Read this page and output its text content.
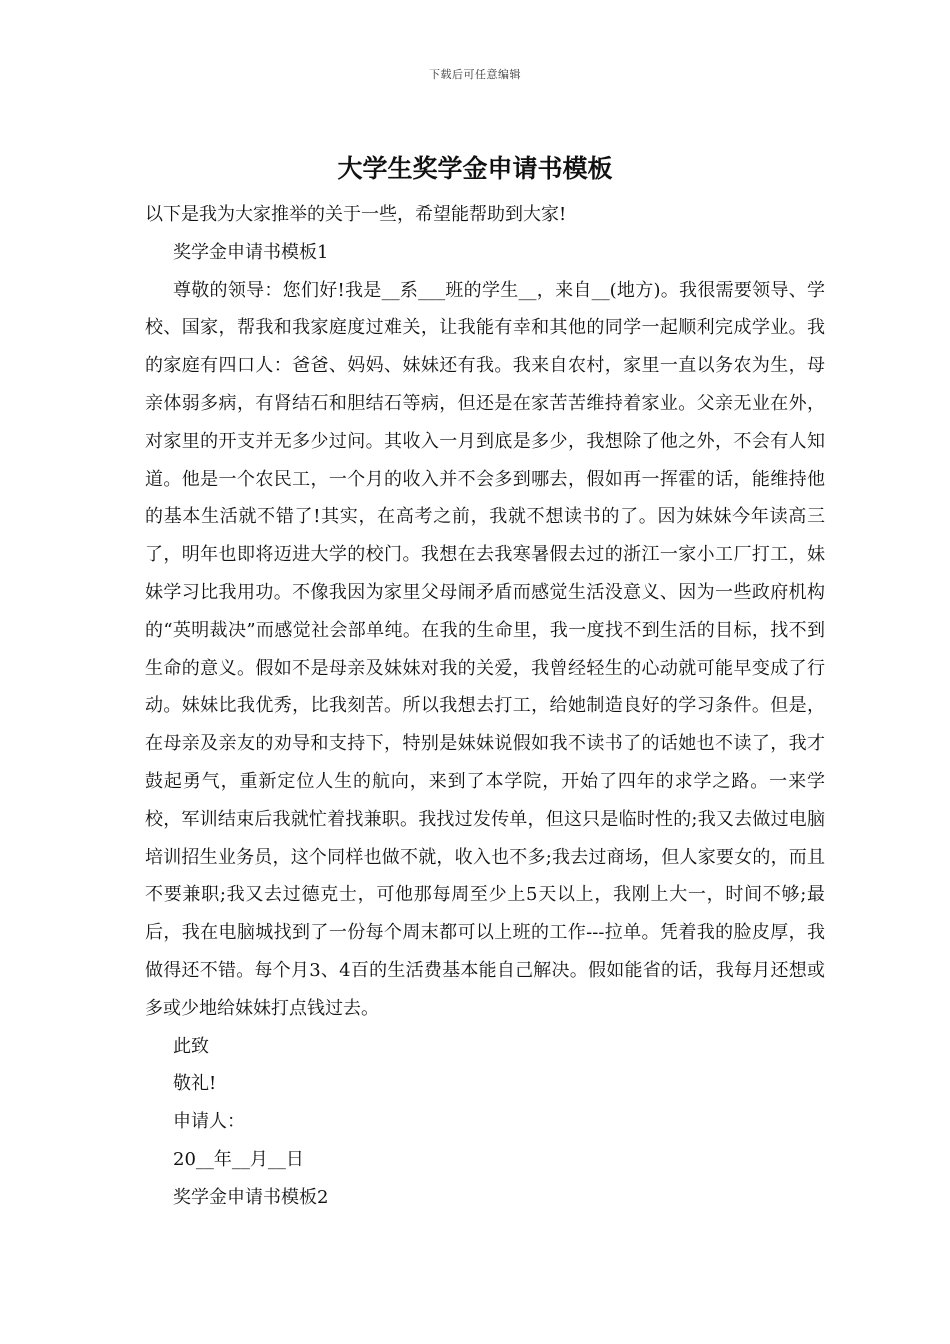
下载后可任意编辑
大学生奖学金申请书模板

以下是我为大家推举的关于一些，希望能帮助到大家!

奖学金申请书模板1

尊敬的领导：您们好!我是__系___班的学生__，来自__(地方)。我很需要领导、学校、国家，帮我和我家庭度过难关，让我能有幸和其他的同学一起顺利完成学业。我的家庭有四口人：爸爸、妈妈、妹妹还有我。我来自农村，家里一直以务农为生，母亲体弱多病，有肾结石和胆结石等病，但还是在家苦苦维持着家业。父亲无业在外，对家里的开支并无多少过问。其收入一月到底是多少，我想除了他之外，不会有人知道。他是一个农民工，一个月的收入并不会多到哪去，假如再一挥霍的话，能维持他的基本生活就不错了!其实，在高考之前，我就不想读书的了。因为妹妹今年读高三了，明年也即将迈进大学的校门。我想在去我寒暑假去过的浙江一家小工厂打工，妹妹学习比我用功。不像我因为家里父母闹矛盾而感觉生活没意义、因为一些政府机构的“英明裁决”而感觉社会部单纯。在我的生命里，我一度找不到生活的目标，找不到生命的意义。假如不是母亲及妹妹对我的关爱，我曾经轻生的心动就可能早变成了行动。妹妹比我优秀，比我刻苦。所以我想去打工，给她制造良好的学习条件。但是，在母亲及亲友的劝导和支持下，特别是妹妹说假如我不读书了的话她也不读了，我才鼓起勇气，重新定位人生的航向，来到了本学院，开始了四年的求学之路。一来学校，军训结束后我就忙着找兼职。我找过发传单，但这只是临时性的;我又去做过电脑培训招生业务员，这个同样也做不就，收入也不多;我去过商场，但人家要女的，而且不要兼职;我又去过德克士，可他那每周至少上5天以上，我刚上大一，时间不够;最后，我在电脑城找到了一份每个周末都可以上班的工作---拉单。凭着我的脸皮厚，我做得还不错。每个月3、4百的生活费基本能自己解决。假如能省的话，我每月还想或多或少地给妹妹打点钱过去。

此致

敬礼!

申请人：

20__年__月__日

奖学金申请书模板2
